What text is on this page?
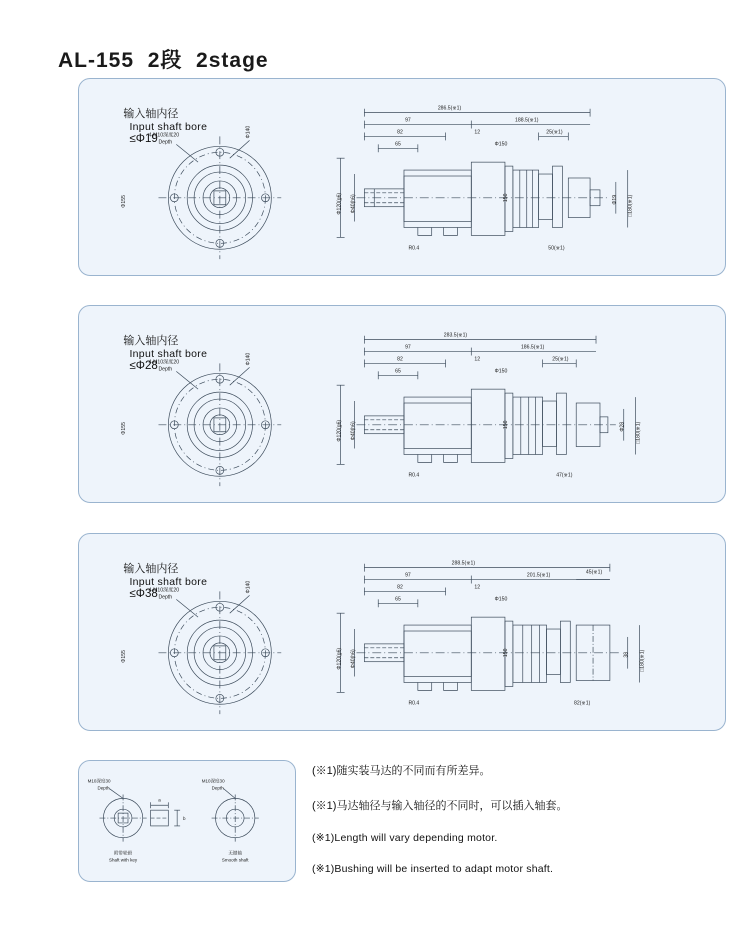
AL-155  2段  2stage

输入轴内径
Input shaft bore
≤Φ19

4-M10深度20
Depth
Φ140
Φ155
286.5(※1)
97	188.5(※1)
82	12	25(※1)
65	Φ150
Φ120(g6) Φ40(h6)	Φ19 □180(※1)
150
R0.4	50(※1)

输入轴内径
Input shaft bore
≤Φ28

4-M10深度20
Depth
Φ140
Φ155
283.5(※1)
97	186.5(※1)
82	12	25(※1)
65	Φ150
Φ120(g6) Φ40(h6)	Φ28 □180(※1)
150
R0.4	47(※1)

输入轴内径
Input shaft bore
≤Φ38

4-M10深度20
Depth
Φ140
Φ155
288.5(※1)
97	201.5(※1)
82	12
45(※1)
65	Φ150
Φ120(g6) Φ40(h6)	38 □180(※1)
150
R0.4	82(※1)
M10深度30
Depth
a
b
附带轮毂
Shaft with key
M10深度30
Depth
无键轴
Smooth shaft
(※1)随实装马达的不同而有所差异。
(※1)马达轴径与输入轴径的不同时，可以插入轴套。
(※1)Length will vary depending motor.
(※1)Bushing will be inserted to adapt motor shaft.
